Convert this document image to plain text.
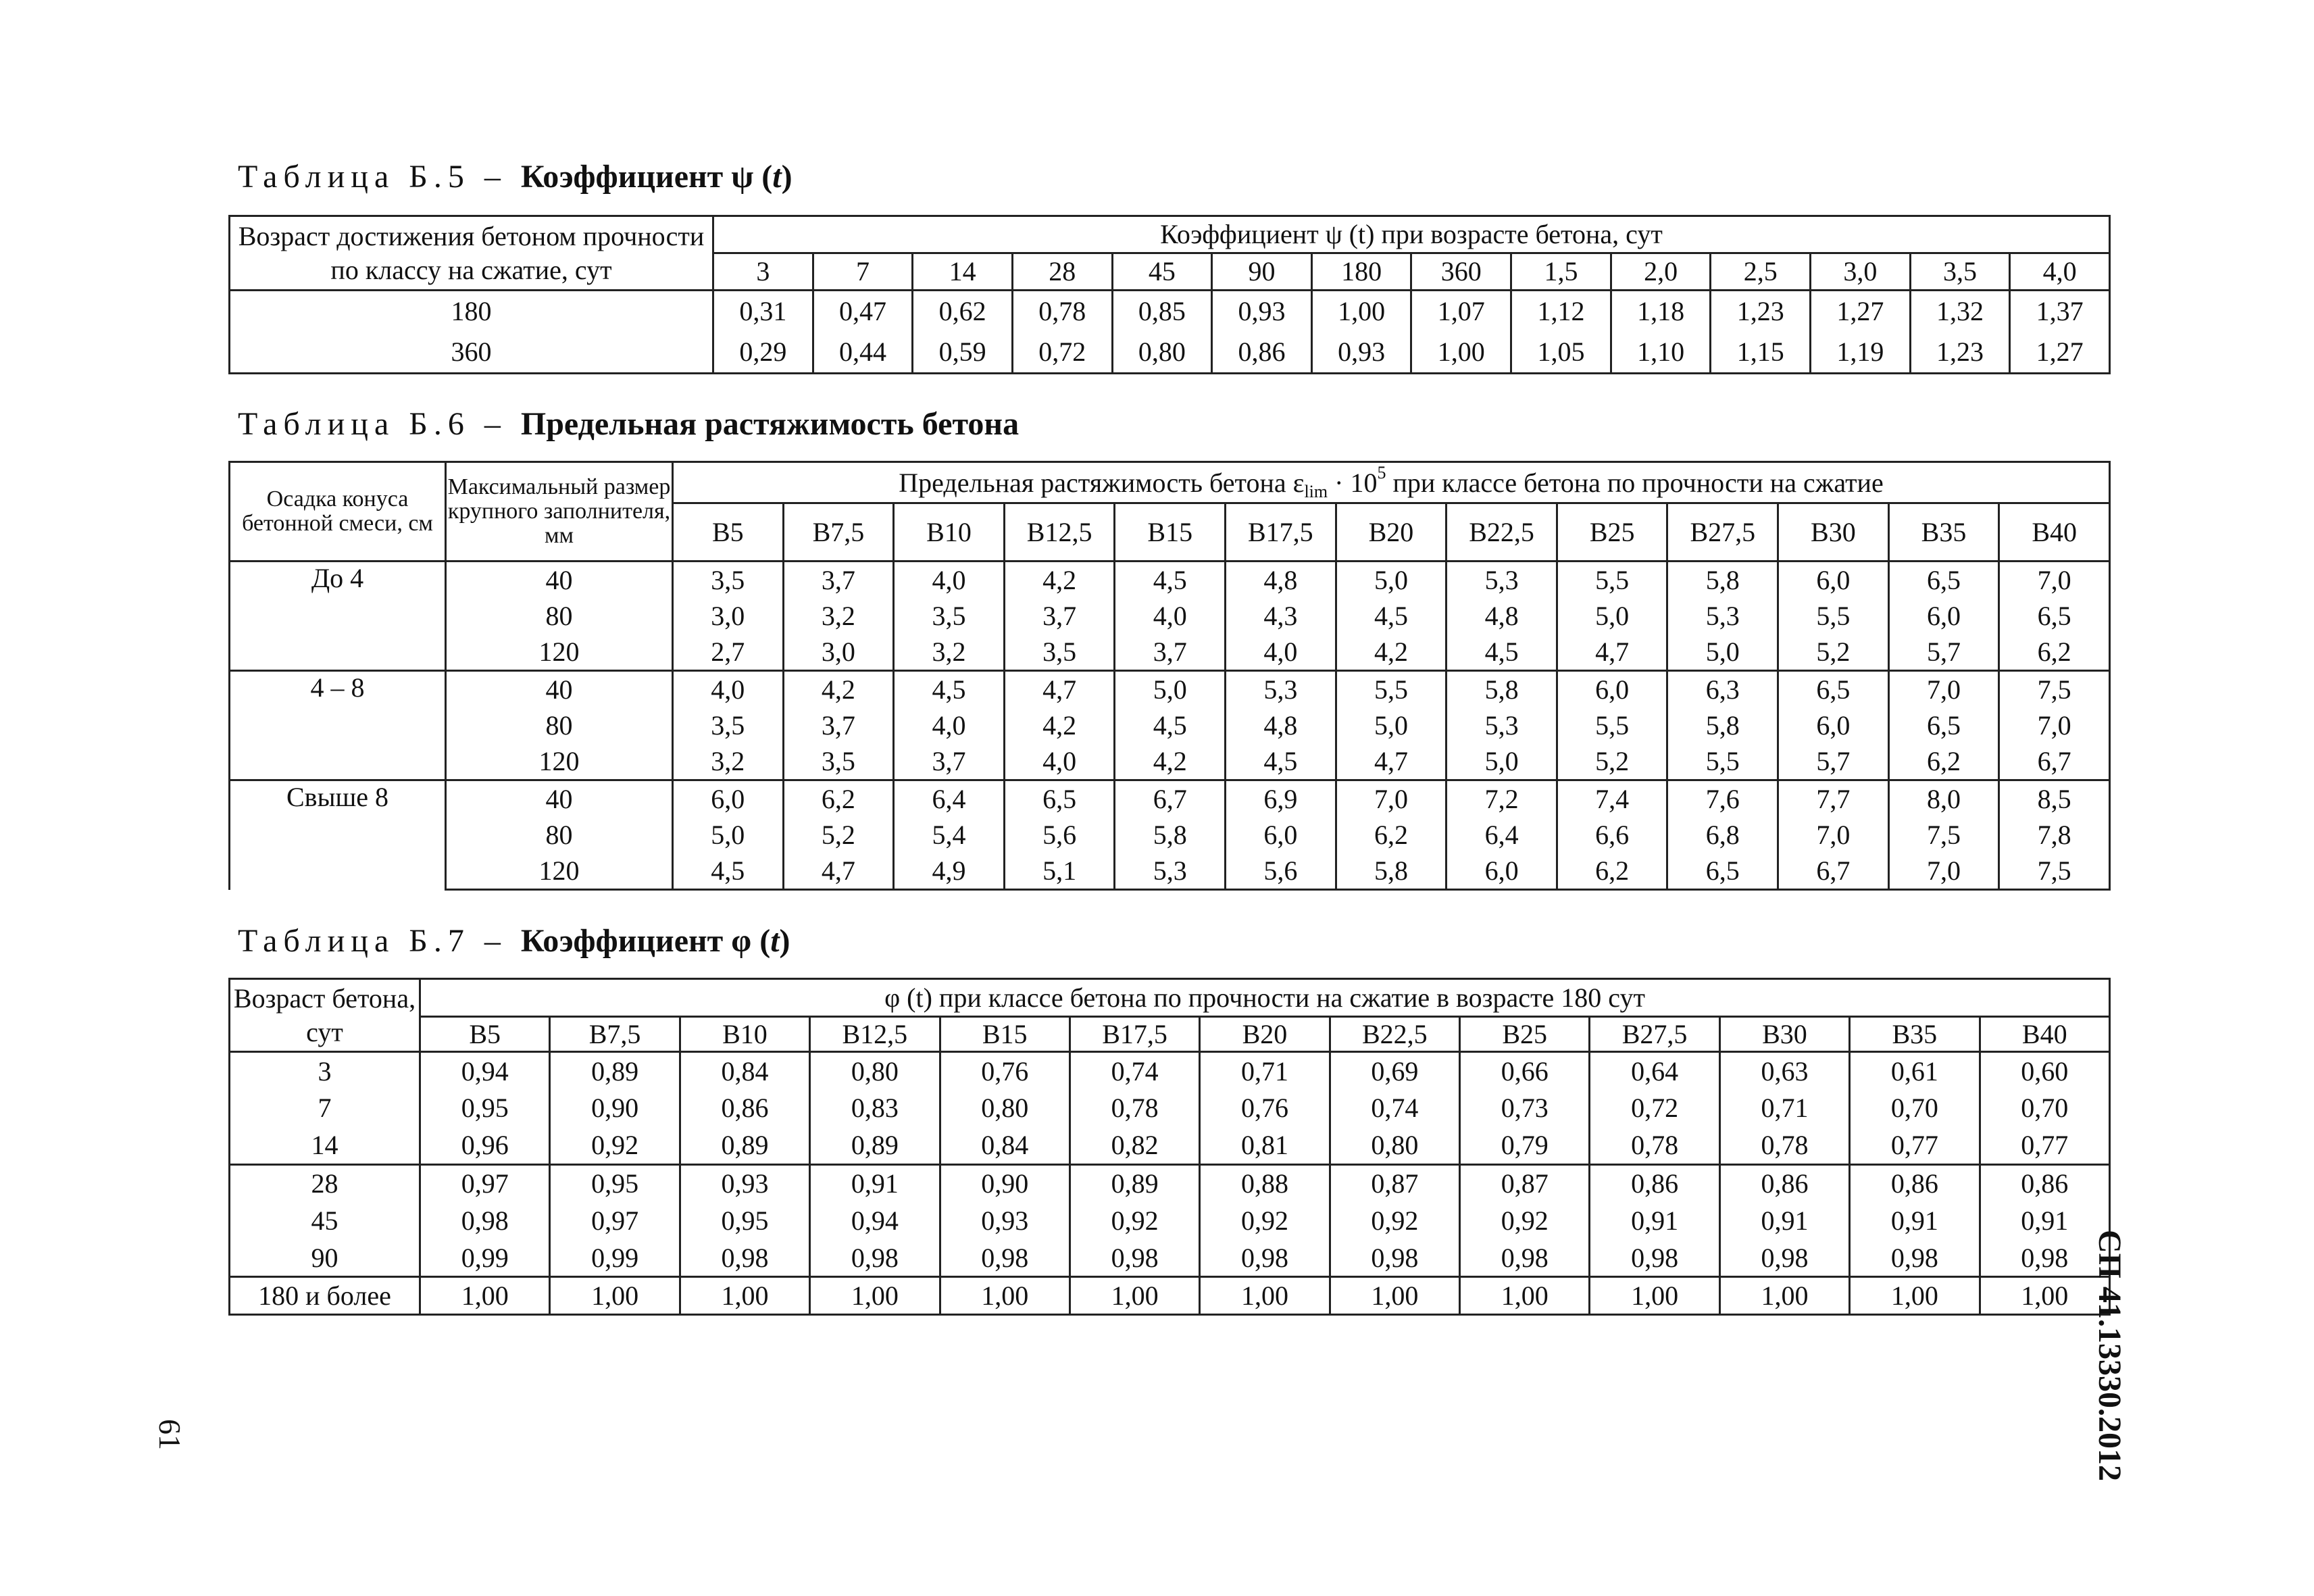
Таблица Б.5 – Коэффициент ψ (t)
Возраст достижения бетоном прочности по классу на сжатие, сут	Коэффициент ψ (t) при возрасте бетона, сут													
	3	7	14	28	45	90	180	360	1,5	2,0	2,5	3,0	3,5	4,0
180	0,31	0,47	0,62	0,78	0,85	0,93	1,00	1,07	1,12	1,18	1,23	1,27	1,32	1,37
360	0,29	0,44	0,59	0,72	0,80	0,86	0,93	1,00	1,05	1,10	1,15	1,19	1,23	1,27
Таблица Б.6 – Предельная растяжимость бетона
Осадка конуса бетонной смеси, см	Максимальный размер крупного заполнителя, мм	Предельная растяжимость бетона $\varepsilon_{lim} \cdot 10^5$ при классе бетона по прочности на сжатие												
		В5	В7,5	В10	В12,5	В15	В17,5	В20	В22,5	В25	В27,5	В30	В35	В40
До 4	40	3,5	3,7	4,0	4,2	4,5	4,8	5,0	5,3	5,5	5,8	6,0	6,5	7,0
	80	3,0	3,2	3,5	3,7	4,0	4,3	4,5	4,8	5,0	5,3	5,5	6,0	6,5
	120	2,7	3,0	3,2	3,5	3,7	4,0	4,2	4,5	4,7	5,0	5,2	5,7	6,2
4 – 8	40	4,0	4,2	4,5	4,7	5,0	5,3	5,5	5,8	6,0	6,3	6,5	7,0	7,5
	80	3,5	3,7	4,0	4,2	4,5	4,8	5,0	5,3	5,5	5,8	6,0	6,5	7,0
	120	3,2	3,5	3,7	4,0	4,2	4,5	4,7	5,0	5,2	5,5	5,7	6,2	6,7
Свыше 8	40	6,0	6,2	6,4	6,5	6,7	6,9	7,0	7,2	7,4	7,6	7,7	8,0	8,5
	80	5,0	5,2	5,4	5,6	5,8	6,0	6,2	6,4	6,6	6,8	7,0	7,5	7,8
	120	4,5	4,7	4,9	5,1	5,3	5,6	5,8	6,0	6,2	6,5	6,7	7,0	7,5
Таблица Б.7 – Коэффициент φ (t)
Возраст бетона, сут	φ (t) при классе бетона по прочности на сжатие в возрасте 180 сут												
	В5	В7,5	В10	В12,5	В15	В17,5	В20	В22,5	В25	В27,5	В30	В35	В40
3	0,94	0,89	0,84	0,80	0,76	0,74	0,71	0,69	0,66	0,64	0,63	0,61	0,60
7	0,95	0,90	0,86	0,83	0,80	0,78	0,76	0,74	0,73	0,72	0,71	0,70	0,70
14	0,96	0,92	0,89	0,89	0,84	0,82	0,81	0,80	0,79	0,78	0,78	0,77	0,77
28	0,97	0,95	0,93	0,91	0,90	0,89	0,88	0,87	0,87	0,86	0,86	0,86	0,86
45	0,98	0,97	0,95	0,94	0,93	0,92	0,92	0,92	0,92	0,91	0,91	0,91	0,91
90	0,99	0,99	0,98	0,98	0,98	0,98	0,98	0,98	0,98	0,98	0,98	0,98	0,98
180 и более	1,00	1,00	1,00	1,00	1,00	1,00	1,00	1,00	1,00	1,00	1,00	1,00	1,00 СП 41.13330.2012
61
